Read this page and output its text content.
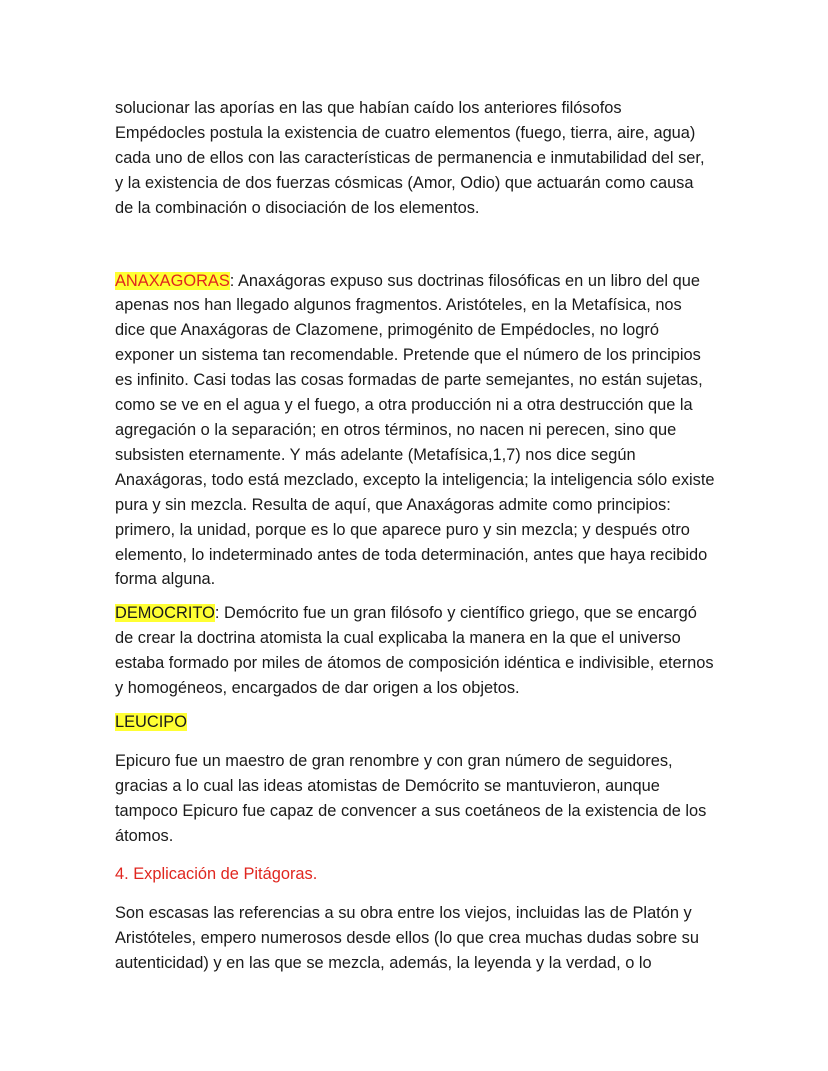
solucionar las aporías en las que habían caído los anteriores filósofos Empédocles postula la existencia de cuatro elementos (fuego, tierra, aire, agua) cada uno de ellos con las características de permanencia e inmutabilidad del ser, y la existencia de dos fuerzas cósmicas (Amor, Odio) que actuarán como causa de la combinación o disociación de los elementos.

ANAXAGORAS: Anaxágoras expuso sus doctrinas filosóficas en un libro del que apenas nos han llegado algunos fragmentos. Aristóteles, en la Metafísica, nos dice que Anaxágoras de Clazomene, primogénito de Empédocles, no logró exponer un sistema tan recomendable. Pretende que el número de los principios es infinito. Casi todas las cosas formadas de parte semejantes, no están sujetas, como se ve en el agua y el fuego, a otra producción ni a otra destrucción que la agregación o la separación; en otros términos, no nacen ni perecen, sino que subsisten eternamente. Y más adelante (Metafísica,1,7) nos dice según Anaxágoras, todo está mezclado, excepto la inteligencia; la inteligencia sólo existe pura y sin mezcla. Resulta de aquí, que Anaxágoras admite como principios: primero, la unidad, porque es lo que aparece puro y sin mezcla; y después otro elemento, lo indeterminado antes de toda determinación, antes que haya recibido forma alguna.

DEMOCRITO: Demócrito fue un gran filósofo y científico griego, que se encargó de crear la doctrina atomista la cual explicaba la manera en la que el universo estaba formado por miles de átomos de composición idéntica e indivisible, eternos y homogéneos, encargados de dar origen a los objetos.

LEUCIPO

Epicuro fue un maestro de gran renombre y con gran número de seguidores, gracias a lo cual las ideas atomistas de Demócrito se mantuvieron, aunque tampoco Epicuro fue capaz de convencer a sus coetáneos de la existencia de los átomos.

4. Explicación de Pitágoras.

Son escasas las referencias a su obra entre los viejos, incluidas las de Platón y Aristóteles, empero numerosos desde ellos (lo que crea muchas dudas sobre su autenticidad) y en las que se mezcla, además, la leyenda y la verdad, o lo
